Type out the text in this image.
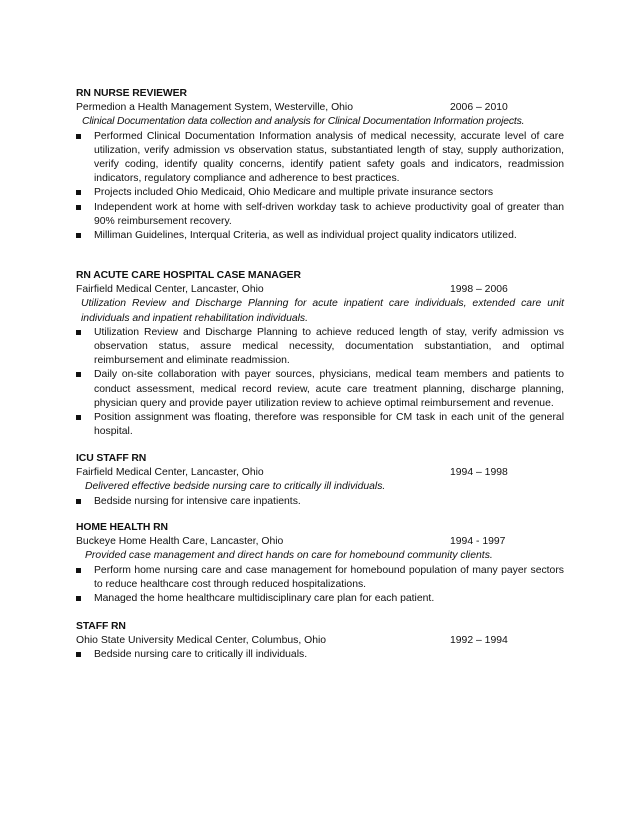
RN NURSE REVIEWER
Permedion a Health Management System, Westerville, Ohio	2006 – 2010
Clinical Documentation data collection and analysis for Clinical Documentation Information projects.
Performed Clinical Documentation Information analysis of medical necessity, accurate level of care utilization, verify admission vs observation status, substantiated length of stay, supply authorization, verify coding, identify quality concerns, identify patient safety goals and indicators, readmission indicators, regulatory compliance and adherence to best practices.
Projects included Ohio Medicaid, Ohio Medicare and multiple private insurance sectors
Independent work at home with self-driven workday task to achieve productivity goal of greater than 90% reimbursement recovery.
Milliman Guidelines, Interqual Criteria, as well as individual project quality indicators utilized.
RN ACUTE CARE HOSPITAL CASE MANAGER
Fairfield Medical Center, Lancaster, Ohio	1998 – 2006
Utilization Review and Discharge Planning for acute inpatient care individuals, extended care unit individuals and inpatient rehabilitation individuals.
Utilization Review and Discharge Planning to achieve reduced length of stay, verify admission vs observation status, assure medical necessity, documentation substantiation, and optimal reimbursement and eliminate readmission.
Daily on-site collaboration with payer sources, physicians, medical team members and patients to conduct assessment, medical record review, acute care treatment planning, discharge planning, physician query and provide payer utilization review to achieve optimal reimbursement and revenue.
Position assignment was floating, therefore was responsible for CM task in each unit of the general hospital.
ICU STAFF RN
Fairfield Medical Center, Lancaster, Ohio	1994 – 1998
Delivered effective bedside nursing care to critically ill individuals.
Bedside nursing for intensive care inpatients.
HOME HEALTH RN
Buckeye Home Health Care, Lancaster, Ohio	1994 - 1997
Provided case management and direct hands on care for homebound community clients.
Perform home nursing care and case management for homebound population of many payer sectors to reduce healthcare cost through reduced hospitalizations.
Managed the home healthcare multidisciplinary care plan for each patient.
STAFF RN
Ohio State University Medical Center, Columbus, Ohio	1992 – 1994
Bedside nursing care to critically ill individuals.
